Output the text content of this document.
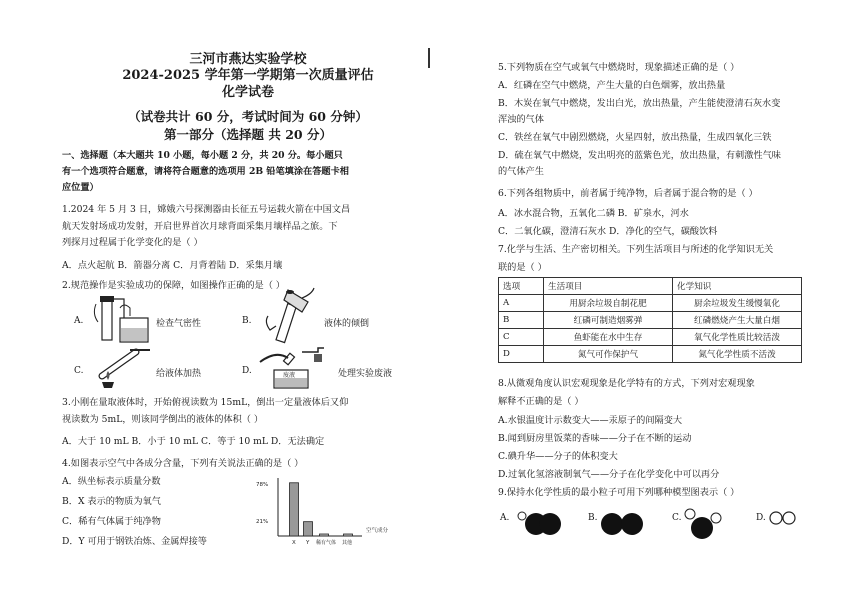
三河市燕达实验学校
2024-2025 学年第一学期第一次质量评估
化学试卷
（试卷共计 60 分，考试时间为 60 分钟）
第一部分（选择题 共 20 分）
一、选择题（本大题共 10 小题，每小题 2 分，共 20 分。每小题只
有一个选项符合题意，请将符合题意的选项用 2B 铅笔填涂在答题卡相
应位置）
1.2024 年 5 月 3 日，嫦娥六号探测器由长征五号运载火箭在中国文昌
航天发射场成功发射，开启世界首次月球背面采集月壤样品之旅。下
列探月过程属于化学变化的是（ ）
A．点火起航 B．箭器分离 C．月背着陆 D．采集月壤
2.规范操作是实验成功的保障，如图操作正确的是（ ）
A.	检查气密性	B.	液体的倾倒
C.	给液体加热	D.	废液	处理实验废液
3.小刚在量取液体时，开始俯视读数为 15mL，倒出一定量液体后又仰
视读数为 5mL，则该同学倒出的液体的体积（ ）
A．大于 10 mL B．小于 10 mL C．等于 10 mL D．无法确定
4.如图表示空气中各成分含量，下列有关说法正确的是（ ）
A．纵坐标表示质量分数
B．X 表示的物质为氧气
C．稀有气体属于纯净物
D．Y 可用于钢铁冶炼、金属焊接等
78%
21%
X Y 稀有气体 其他
空气成分
5.下列物质在空气或氧气中燃烧时，现象描述正确的是（ ）
A．红磷在空气中燃烧，产生大量的白色烟雾，放出热量
B．木炭在氧气中燃烧，发出白光，放出热量，产生能使澄清石灰水变
浑浊的气体
C．铁丝在氧气中剧烈燃烧，火星四射，放出热量，生成四氧化三铁
D．硫在氧气中燃烧，发出明亮的蓝紫色光，放出热量，有刺激性气味
的气体产生
6.下列各组物质中，前者属于纯净物，后者属于混合物的是（ ）
A．冰水混合物，五氧化二磷 B．矿泉水，河水
C．二氧化碳，澄清石灰水 D．净化的空气，碳酸饮料
7.化学与生活、生产密切相关。下列生活项目与所述的化学知识无关
联的是（ ）
选项	生活项目	化学知识
A	用厨余垃圾自制花肥	厨余垃圾发生缓慢氧化
B	红磷可制造烟雾弹	红磷燃烧产生大量白烟
C	鱼虾能在水中生存	氧气化学性质比较活泼
D	氮气可作保护气	氮气化学性质不活泼
8.从微观角度认识宏观现象是化学特有的方式，下列对宏观现象
解释不正确的是（ ）
A.水银温度计示数变大——汞原子的间隔变大
B.闻到厨房里饭菜的香味——分子在不断的运动
C.碘升华——分子的体积变大
D.过氧化氢溶液制氧气——分子在化学变化中可以再分
9.保持水化学性质的最小粒子可用下列哪种模型图表示（ ）
A.	B.	C.	D.
